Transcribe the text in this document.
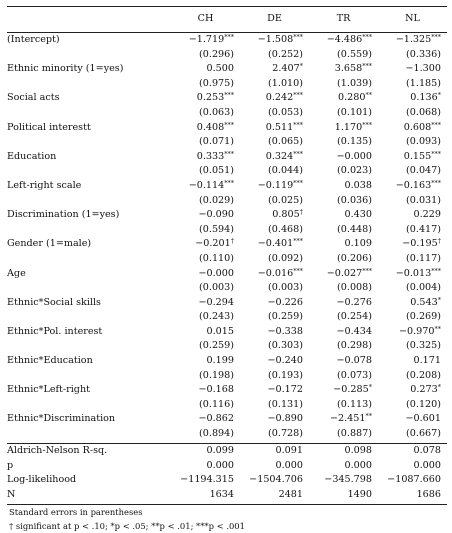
	CH	DE	TR	NL
(Intercept)	−1.719***	−1.508***	−4.486***	−1.325***
	(0.296)	(0.252)	(0.559)	(0.336)
Ethnic minority (1=yes)	0.500	2.407*	3.658***	−1.300
	(0.975)	(1.010)	(1.039)	(1.185)
Social acts	0.253***	0.242***	0.280**	0.136*
	(0.063)	(0.053)	(0.101)	(0.068)
Political interestt	0.408***	0.511***	1.170***	0.608***
	(0.071)	(0.065)	(0.135)	(0.093)
Education	0.333***	0.324***	−0.000	0.155***
	(0.051)	(0.044)	(0.023)	(0.047)
Left-right scale	−0.114***	−0.119***	0.038	−0.163***
	(0.029)	(0.025)	(0.036)	(0.031)
Discrimination (1=yes)	−0.090	0.805†	0.430	0.229
	(0.594)	(0.468)	(0.448)	(0.417)
Gender (1=male)	−0.201†	−0.401***	0.109	−0.195†
	(0.110)	(0.092)	(0.206)	(0.117)
Age	−0.000	−0.016***	−0.027***	−0.013***
	(0.003)	(0.003)	(0.008)	(0.004)
Ethnic*Social skills	−0.294	−0.226	−0.276	0.543*
	(0.243)	(0.259)	(0.254)	(0.269)
Ethnic*Pol. interest	0.015	−0.338	−0.434	−0.970**
	(0.259)	(0.303)	(0.298)	(0.325)
Ethnic*Education	0.199	−0.240	−0.078	0.171
	(0.198)	(0.193)	(0.073)	(0.208)
Ethnic*Left-right	−0.168	−0.172	−0.285*	0.273*
	(0.116)	(0.131)	(0.113)	(0.120)
Ethnic*Discrimination	−0.862	−0.890	−2.451**	−0.601
	(0.894)	(0.728)	(0.887)	(0.667)
Aldrich-Nelson R-sq.	0.099	0.091	0.098	0.078
p	0.000	0.000	0.000	0.000
Log-likelihood	−1194.315	−1504.706	−345.798	−1087.660
N	1634	2481	1490	1686
Standard errors in parentheses
† significant at p < .10; *p < .05; **p < .01; ***p < .001
